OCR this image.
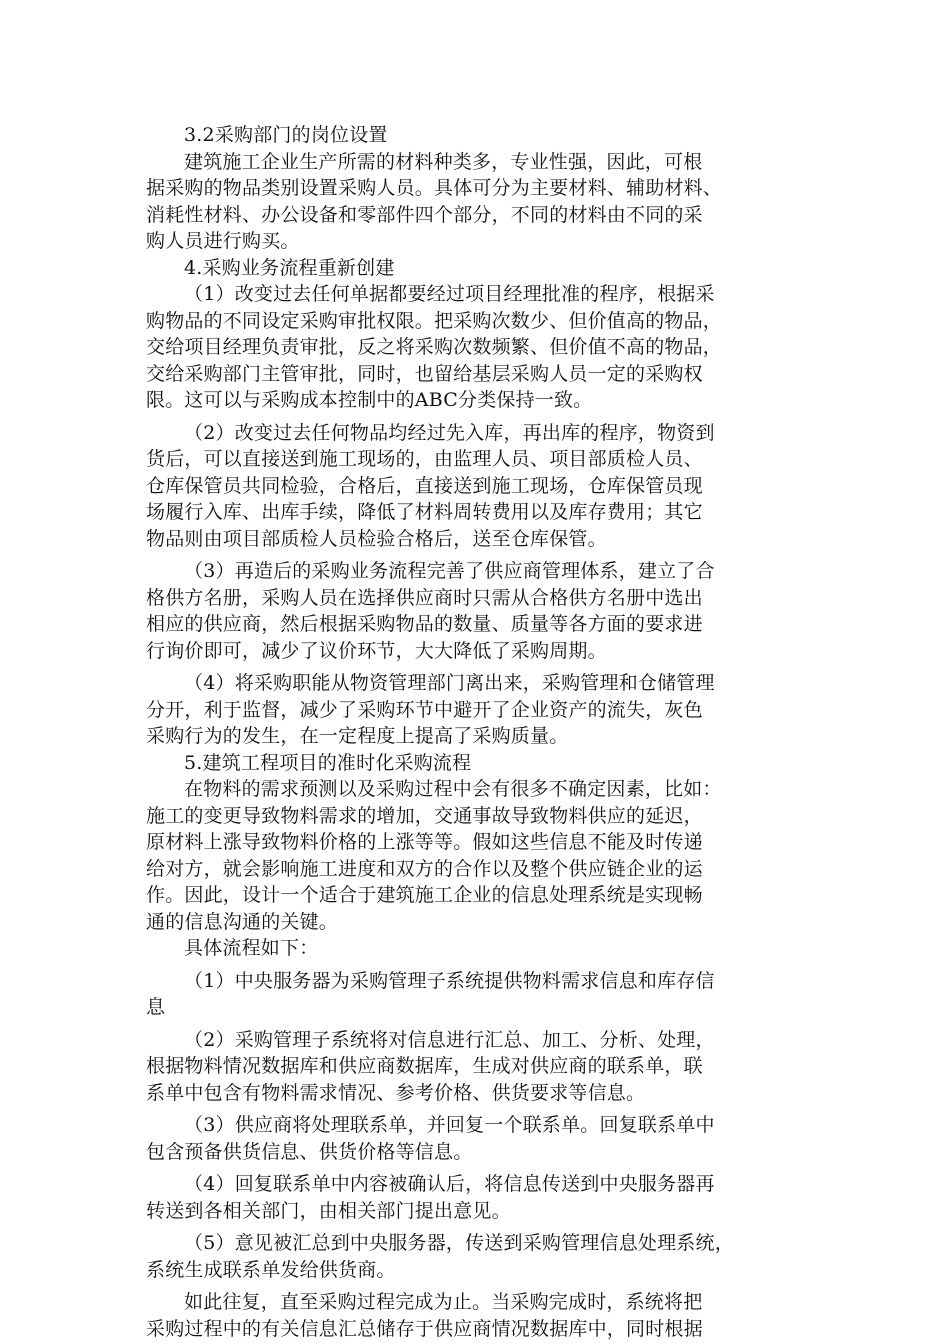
3.2采购部门的岗位设置
建筑施工企业生产所需的材料种类多，专业性强，因此，可根
据采购的物品类别设置采购人员。具体可分为主要材料、辅助材料、
消耗性材料、办公设备和零部件四个部分，不同的材料由不同的采
购人员进行购买。
4.采购业务流程重新创建
（1）改变过去任何单据都要经过项目经理批准的程序，根据采
购物品的不同设定采购审批权限。把采购次数少、但价值高的物品，
交给项目经理负责审批，反之将采购次数频繁、但价值不高的物品，
交给采购部门主管审批，同时，也留给基层采购人员一定的采购权
限。这可以与采购成本控制中的ABC分类保持一致。
（2）改变过去任何物品均经过先入库，再出库的程序，物资到
货后，可以直接送到施工现场的，由监理人员、项目部质检人员、
仓库保管员共同检验，合格后，直接送到施工现场，仓库保管员现
场履行入库、出库手续，降低了材料周转费用以及库存费用；其它
物品则由项目部质检人员检验合格后，送至仓库保管。
（3）再造后的采购业务流程完善了供应商管理体系，建立了合
格供方名册，采购人员在选择供应商时只需从合格供方名册中选出
相应的供应商，然后根据采购物品的数量、质量等各方面的要求进
行询价即可，减少了议价环节，大大降低了采购周期。
（4）将采购职能从物资管理部门离出来，采购管理和仓储管理
分开，利于监督，减少了采购环节中避开了企业资产的流失，灰色
采购行为的发生，在一定程度上提高了采购质量。
5.建筑工程项目的准时化采购流程
在物料的需求预测以及采购过程中会有很多不确定因素，比如：
施工的变更导致物料需求的增加，交通事故导致物料供应的延迟，
原材料上涨导致物料价格的上涨等等。假如这些信息不能及时传递
给对方，就会影响施工进度和双方的合作以及整个供应链企业的运
作。因此，设计一个适合于建筑施工企业的信息处理系统是实现畅
通的信息沟通的关键。
具体流程如下：
（1）中央服务器为采购管理子系统提供物料需求信息和库存信
息
（2）采购管理子系统将对信息进行汇总、加工、分析、处理，
根据物料情况数据库和供应商数据库，生成对供应商的联系单，联
系单中包含有物料需求情况、参考价格、供货要求等信息。
（3）供应商将处理联系单，并回复一个联系单。回复联系单中
包含预备供货信息、供货价格等信息。
（4）回复联系单中内容被确认后，将信息传送到中央服务器再
转送到各相关部门，由相关部门提出意见。
（5）意见被汇总到中央服务器，传送到采购管理信息处理系统，
系统生成联系单发给供货商。
如此往复，直至采购过程完成为止。当采购完成时，系统将把
采购过程中的有关信息汇总储存于供应商情况数据库中，同时根据
